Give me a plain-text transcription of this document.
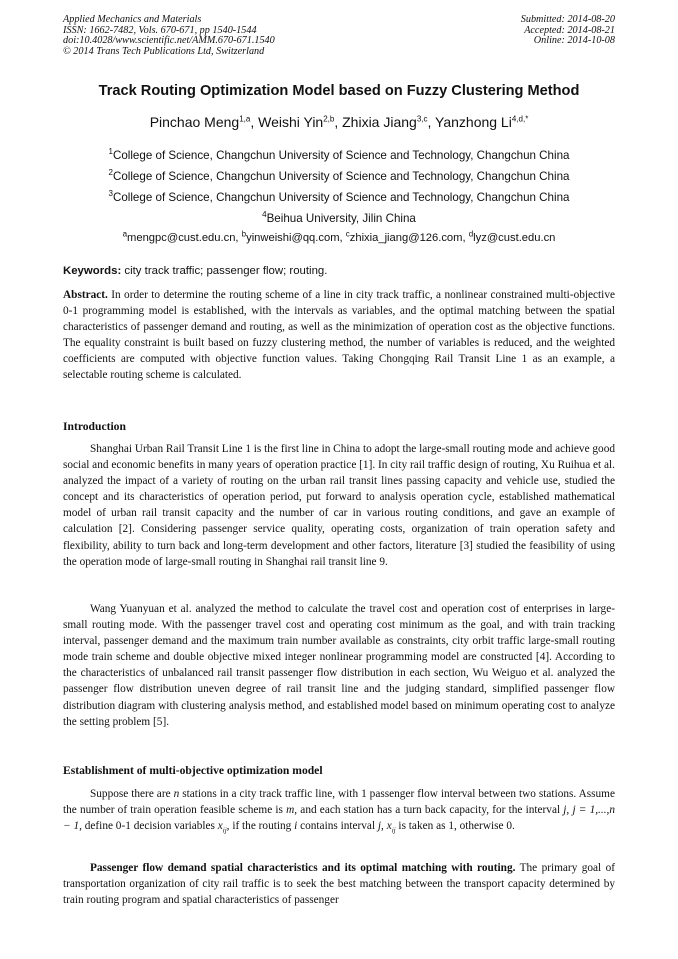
Applied Mechanics and Materials
ISSN: 1662-7482, Vols. 670-671, pp 1540-1544
doi:10.4028/www.scientific.net/AMM.670-671.1540
© 2014 Trans Tech Publications Ltd, Switzerland
Submitted: 2014-08-20
Accepted: 2014-08-21
Online: 2014-10-08
Track Routing Optimization Model based on Fuzzy Clustering Method
Pinchao Meng$^{1,a}$, Weishi Yin$^{2,b}$, Zhixia Jiang$^{3,c}$, Yanzhong $Li^{4,d,*}$
$^1$College of Science, Changchun University of Science and Technology, Changchun China
$^2$College of Science, Changchun University of Science and Technology, Changchun China
$^3$College of Science, Changchun University of Science and Technology, Changchun China
$^4$Beihua University, Jilin China
$^a$mengpc@cust.edu.cn, $^b$yinweishi@qq.com, $^c$zhixia_jiang@126.com, $^d$lyz@cust.edu.cn
Keywords: city track traffic; passenger flow; routing.

Abstract. In order to determine the routing scheme of a line in city track traffic, a nonlinear constrained multi-objective 0-1 programming model is established, with the intervals as variables, and the optimal matching between the spatial characteristics of passenger demand and routing, as well as the minimization of operation cost as the objective functions. The equality constraint is built based on fuzzy clustering method, the number of variables is reduced, and the weighted coefficients are computed with objective function values. Taking Chongqing Rail Transit Line 1 as an example, a selectable routing scheme is calculated.

Introduction

Shanghai Urban Rail Transit Line 1 is the first line in China to adopt the large-small routing mode and achieve good social and economic benefits in many years of operation practice [1]. In city rail traffic design of routing, Xu Ruihua et al. analyzed the impact of a variety of routing on the urban rail transit lines passing capacity and vehicle use, studied the concept and its characteristics of operation period, put forward to analysis operation cycle, established mathematical model of urban rail transit capacity and the number of car in various routing conditions, and gave an example of calculation [2]. Considering passenger service quality, operating costs, organization of train operation safety and flexibility, ability to turn back and long-term development and other factors, literature [3] studied the feasibility of using the operation mode of large-small routing in Shanghai rail transit line 9.

Wang Yuanyuan et al. analyzed the method to calculate the travel cost and operation cost of enterprises in large-small routing mode. With the passenger travel cost and operating cost minimum as the goal, and with train tracking interval, passenger demand and the maximum train number available as constraints, city orbit traffic large-small routing mode train scheme and double objective mixed integer nonlinear programming model are constructed [4]. According to the characteristics of unbalanced rail transit passenger flow distribution in each section, Wu Weiguo et al. analyzed the passenger flow distribution uneven degree of rail transit line and the judging standard, simplified passenger flow distribution diagram with clustering analysis method, and established model based on minimum operating cost to analyze the setting problem [5].

Establishment of multi-objective optimization model

Suppose there are n stations in a city track traffic line, with 1 passenger flow interval between two stations. Assume the number of train operation feasible scheme is m, and each station has a turn back capacity, for the interval j, j = 1,...,n − 1, define 0-1 decision variables $x_{ij}$, if the routing i contains interval j, $x_{ij}$ is taken as 1, otherwise 0.

Passenger flow demand spatial characteristics and its optimal matching with routing. The primary goal of transportation organization of city rail traffic is to seek the best matching between the transport capacity determined by train routing program and spatial characteristics of passenger
